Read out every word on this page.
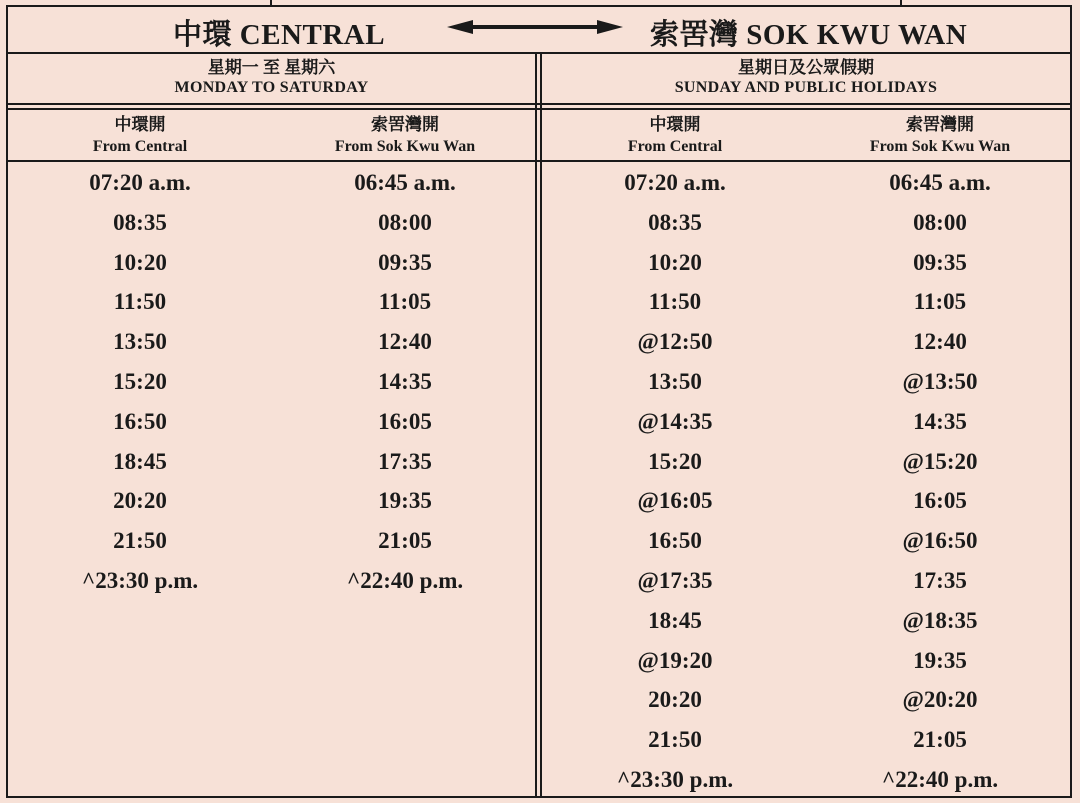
中環 CENTRAL	索罟灣 SOK KWU WAN
星期一 至 星期六
MONDAY TO SATURDAY
星期日及公眾假期
SUNDAY AND PUBLIC HOLIDAYS
中環開
From Central
索罟灣開
From Sok Kwu Wan
中環開
From Central
索罟灣開
From Sok Kwu Wan
07:20 a.m.
08:35
10:20
11:50
13:50
15:20
16:50
18:45
20:20
21:50
^23:30 p.m.
06:45 a.m.
08:00
09:35
11:05
12:40
14:35
16:05
17:35
19:35
21:05
^22:40 p.m.
07:20 a.m.
08:35
10:20
11:50
@12:50
13:50
@14:35
15:20
@16:05
16:50
@17:35
18:45
@19:20
20:20
21:50
^23:30 p.m.
06:45 a.m.
08:00
09:35
11:05
12:40
@13:50
14:35
@15:20
16:05
@16:50
17:35
@18:35
19:35
@20:20
21:05
^22:40 p.m.
